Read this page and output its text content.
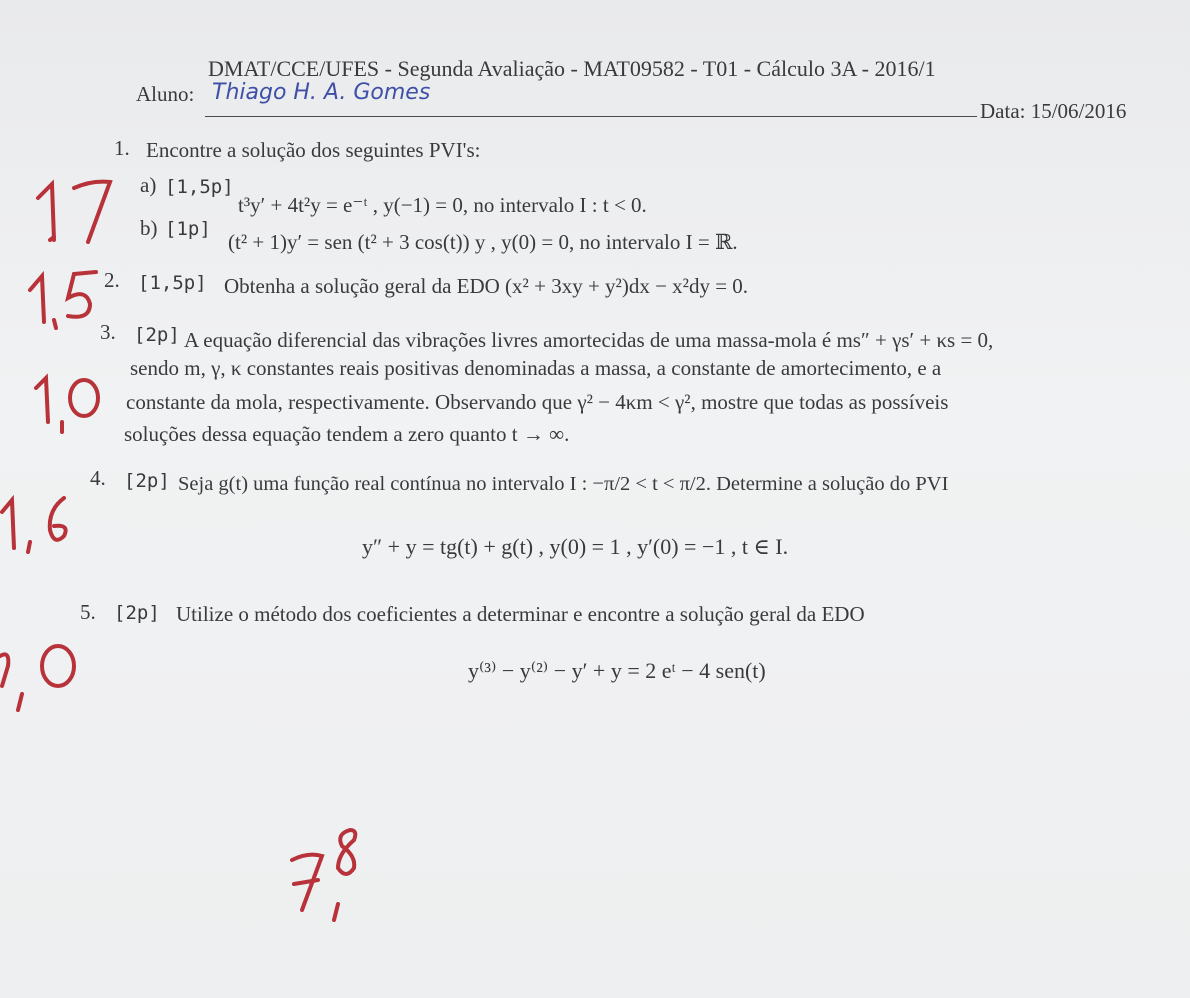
DMAT/CCE/UFES - Segunda Avaliação - MAT09582 - T01 - Cálculo 3A - 2016/1
Aluno: Thiago H. A. Gomes
Data: 15/06/2016
1. Encontre a solução dos seguintes PVI's:
a) [1,5p]
t³y′ + 4t²y = e⁻ᵗ , y(−1) = 0, no intervalo I : t < 0.
b) [1p]
(t² + 1)y′ = sen (t² + 3 cos(t)) y , y(0) = 0, no intervalo I = ℝ.
2. [1,5p] Obtenha a solução geral da EDO (x² + 3xy + y²)dx − x²dy = 0.
3. [2p] A equação diferencial das vibrações livres amortecidas de uma massa-mola é ms″ + γs′ + κs = 0,
sendo m, γ, κ constantes reais positivas denominadas a massa, a constante de amortecimento, e a
constante da mola, respectivamente. Observando que γ² − 4κm < γ², mostre que todas as possíveis
soluções dessa equação tendem a zero quanto t → ∞.
4. [2p] Seja g(t) uma função real contínua no intervalo I : −π/2 < t < π/2. Determine a solução do PVI
y″ + y = tg(t) + g(t) , y(0) = 1 , y′(0) = −1 , t ∈ I.
5. [2p] Utilize o método dos coeficientes a determinar e encontre a solução geral da EDO
y⁽³⁾ − y⁽²⁾ − y′ + y = 2 eᵗ − 4 sen(t)
